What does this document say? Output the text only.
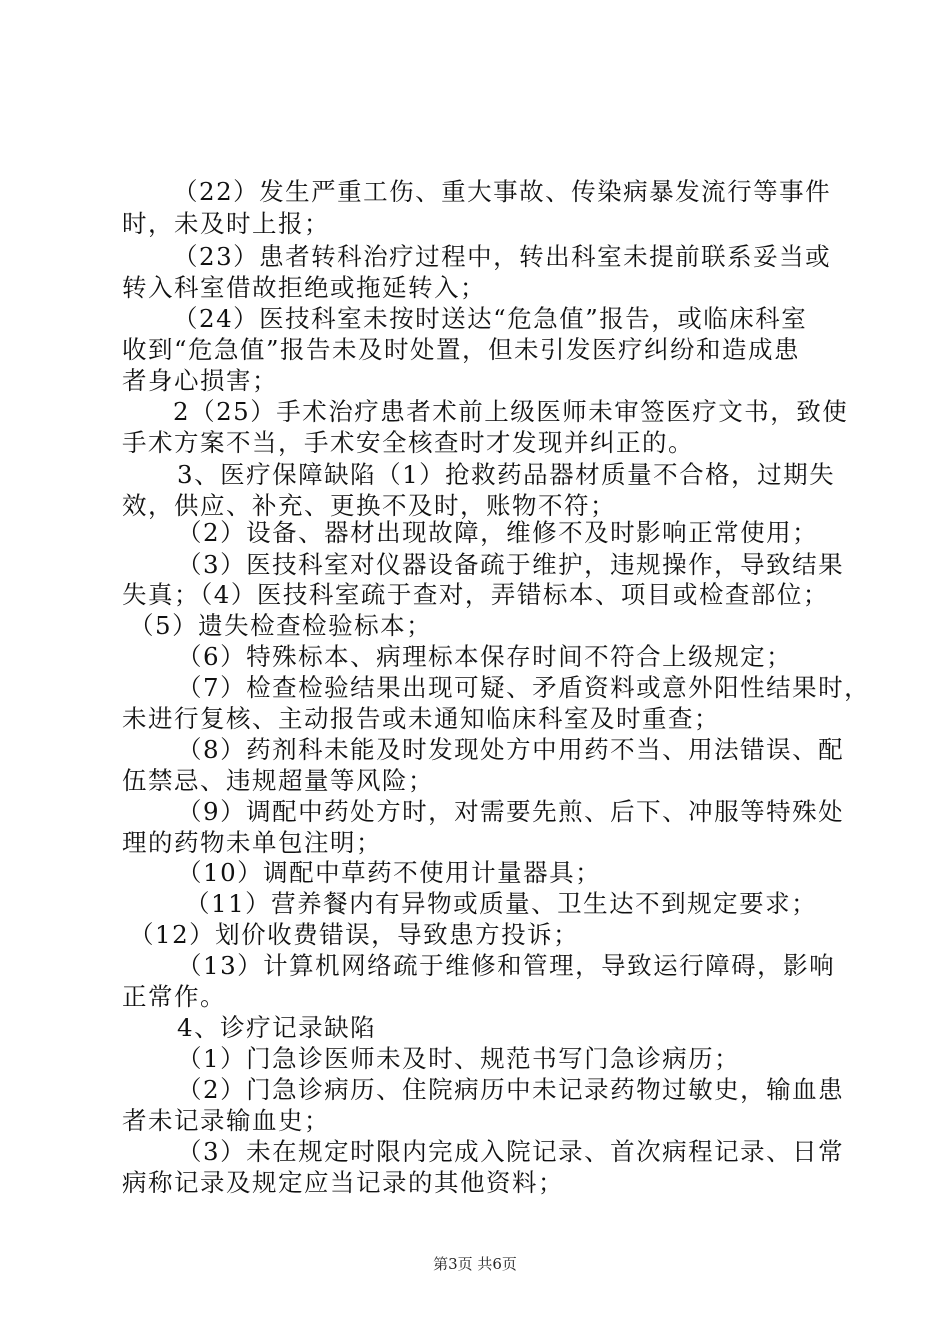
（22）发生严重工伤、重大事故、传染病暴发流行等事件
时，未及时上报；
（23）患者转科治疗过程中，转出科室未提前联系妥当或
转入科室借故拒绝或拖延转入；
（24）医技科室未按时送达“危急值”报告，或临床科室
收到“危急值”报告未及时处置，但未引发医疗纠纷和造成患
者身心损害；
2（25）手术治疗患者术前上级医师未审签医疗文书，致使
手术方案不当，手术安全核查时才发现并纠正的。
3、医疗保障缺陷（1）抢救药品器材质量不合格，过期失
效，供应、补充、更换不及时，账物不符；
（2）设备、器材出现故障，维修不及时影响正常使用；
（3）医技科室对仪器设备疏于维护，违规操作，导致结果
失真；（4）医技科室疏于查对，弄错标本、项目或检查部位；
（5）遗失检查检验标本；
（6）特殊标本、病理标本保存时间不符合上级规定；
（7）检查检验结果出现可疑、矛盾资料或意外阳性结果时，
未进行复核、主动报告或未通知临床科室及时重查；
（8）药剂科未能及时发现处方中用药不当、用法错误、配
伍禁忌、违规超量等风险；
（9）调配中药处方时，对需要先煎、后下、冲服等特殊处
理的药物未单包注明；
（10）调配中草药不使用计量器具；
（11）营养餐内有异物或质量、卫生达不到规定要求；
（12）划价收费错误，导致患方投诉；
（13）计算机网络疏于维修和管理，导致运行障碍，影响
正常作。
4、诊疗记录缺陷
（1）门急诊医师未及时、规范书写门急诊病历；
（2）门急诊病历、住院病历中未记录药物过敏史，输血患
者未记录输血史；
（3）未在规定时限内完成入院记录、首次病程记录、日常
病称记录及规定应当记录的其他资料；
第3页 共6页
